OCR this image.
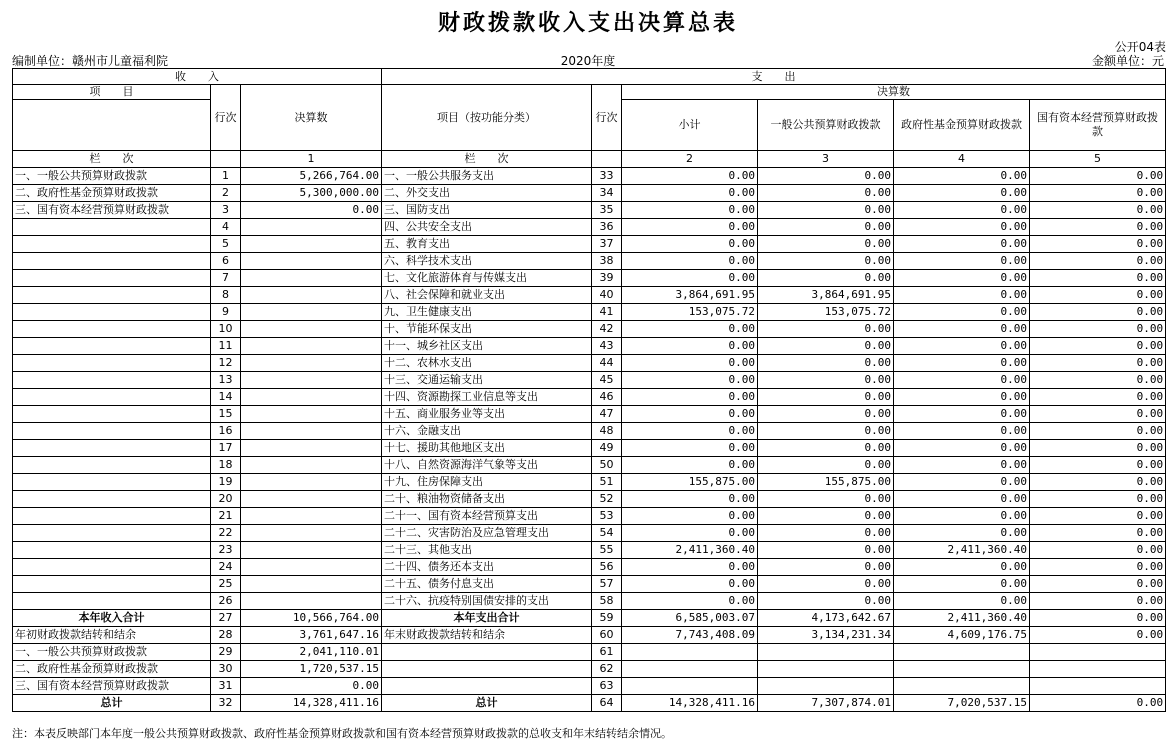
财政拨款收入支出决算总表
公开04表
编制单位：赣州市儿童福利院	2020年度	金额单位：元
收　　入			支　　出					
项　　目	行次	决算数	项目（按功能分类）	行次	决算数			
					小计	一般公共预算财政拨款	政府性基金预算财政拨款	国有资本经营预算财政拨款
栏　　次		1	栏　　次		2	3	4	5
一、一般公共预算财政拨款	1	5,266,764.00	一、一般公共服务支出	33	0.00	0.00	0.00	0.00
二、政府性基金预算财政拨款	2	5,300,000.00	二、外交支出	34	0.00	0.00	0.00	0.00
三、国有资本经营预算财政拨款	3	0.00	三、国防支出	35	0.00	0.00	0.00	0.00
	4		四、公共安全支出	36	0.00	0.00	0.00	0.00
	5		五、教育支出	37	0.00	0.00	0.00	0.00
	6		六、科学技术支出	38	0.00	0.00	0.00	0.00
	7		七、文化旅游体育与传媒支出	39	0.00	0.00	0.00	0.00
	8		八、社会保障和就业支出	40	3,864,691.95	3,864,691.95	0.00	0.00
	9		九、卫生健康支出	41	153,075.72	153,075.72	0.00	0.00
	10		十、节能环保支出	42	0.00	0.00	0.00	0.00
	11		十一、城乡社区支出	43	0.00	0.00	0.00	0.00
	12		十二、农林水支出	44	0.00	0.00	0.00	0.00
	13		十三、交通运输支出	45	0.00	0.00	0.00	0.00
	14		十四、资源勘探工业信息等支出	46	0.00	0.00	0.00	0.00
	15		十五、商业服务业等支出	47	0.00	0.00	0.00	0.00
	16		十六、金融支出	48	0.00	0.00	0.00	0.00
	17		十七、援助其他地区支出	49	0.00	0.00	0.00	0.00
	18		十八、自然资源海洋气象等支出	50	0.00	0.00	0.00	0.00
	19		十九、住房保障支出	51	155,875.00	155,875.00	0.00	0.00
	20		二十、粮油物资储备支出	52	0.00	0.00	0.00	0.00
	21		二十一、国有资本经营预算支出	53	0.00	0.00	0.00	0.00
	22		二十二、灾害防治及应急管理支出	54	0.00	0.00	0.00	0.00
	23		二十三、其他支出	55	2,411,360.40	0.00	2,411,360.40	0.00
	24		二十四、债务还本支出	56	0.00	0.00	0.00	0.00
	25		二十五、债务付息支出	57	0.00	0.00	0.00	0.00
	26		二十六、抗疫特别国债安排的支出	58	0.00	0.00	0.00	0.00
本年收入合计	27	10,566,764.00	本年支出合计	59	6,585,003.07	4,173,642.67	2,411,360.40	0.00
年初财政拨款结转和结余	28	3,761,647.16	年末财政拨款结转和结余	60	7,743,408.09	3,134,231.34	4,609,176.75	0.00
一、一般公共预算财政拨款	29	2,041,110.01		61				
二、政府性基金预算财政拨款	30	1,720,537.15		62				
三、国有资本经营预算财政拨款	31	0.00		63				
总计	32	14,328,411.16	总计	64	14,328,411.16	7,307,874.01	7,020,537.15	0.00
注：本表反映部门本年度一般公共预算财政拨款、政府性基金预算财政拨款和国有资本经营预算财政拨款的总收支和年末结转结余情况。
